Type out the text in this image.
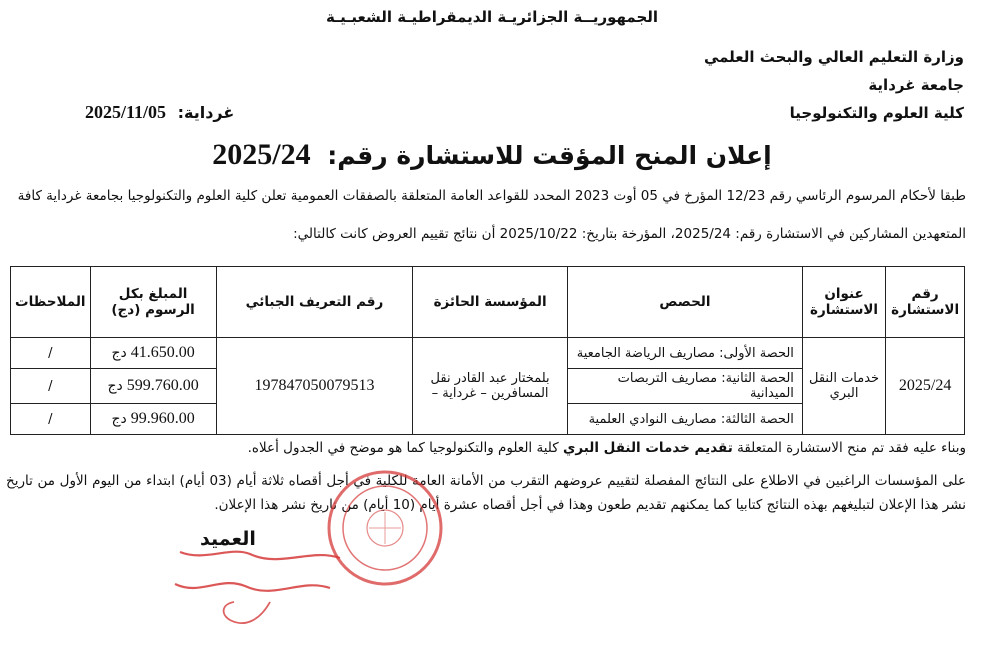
الجمهوريــة الجزائريـة الديمقراطيـة الشعبـيـة
وزارة التعليم العالي والبحث العلمي
جامعة غرداية
كلية العلوم والتكنولوجيا
غرداية: 2025/11/05
إعلان المنح المؤقت للاستشارة رقم: 2025/24
طبقا لأحكام المرسوم الرئاسي رقم 12/23 المؤرخ في 05 أوت 2023 المحدد للقواعد العامة المتعلقة بالصفقات العمومية تعلن كلية العلوم والتكنولوجيا بجامعة غرداية كافة
المتعهدين المشاركين في الاستشارة رقم: 2025/24، المؤرخة بتاريخ: 2025/10/22 أن نتائج تقييم العروض كانت كالتالي:
رقم الاستشارة	عنوان الاستشارة	الحصص	المؤسسة الحائزة	رقم التعريف الجبائي	المبلغ بكل الرسوم (دج)	الملاحظات
2025/24	خدمات النقل البري	الحصة الأولى: مصاريف الرياضة الجامعية	بلمختار عبد القادر نقل المسافرين – غرداية –	197847050079513	41.650.00دج	/
		الحصة الثانية: مصاريف التربصات الميدانية			599.760.00دج	/
		الحصة الثالثة: مصاريف النوادي العلمية			99.960.00دج	/
وبناء عليه فقد تم منح الاستشارة المتعلقة تقديم خدمات النقل البري كلية العلوم والتكنولوجيا كما هو موضح في الجدول أعلاه.
على المؤسسات الراغبين في الاطلاع على النتائج المفصلة لتقييم عروضهم التقرب من الأمانة العامة للكلية في أجل أقصاه ثلاثة أيام (03 أيام) ابتداء من اليوم الأول من تاريخ نشر هذا الإعلان لتبليغهم بهذه النتائج كتابيا كما يمكنهم تقديم طعون وهذا في أجل أقصاه عشرة أيام (10 أيام) من تاريخ نشر هذا الإعلان.
العميد
